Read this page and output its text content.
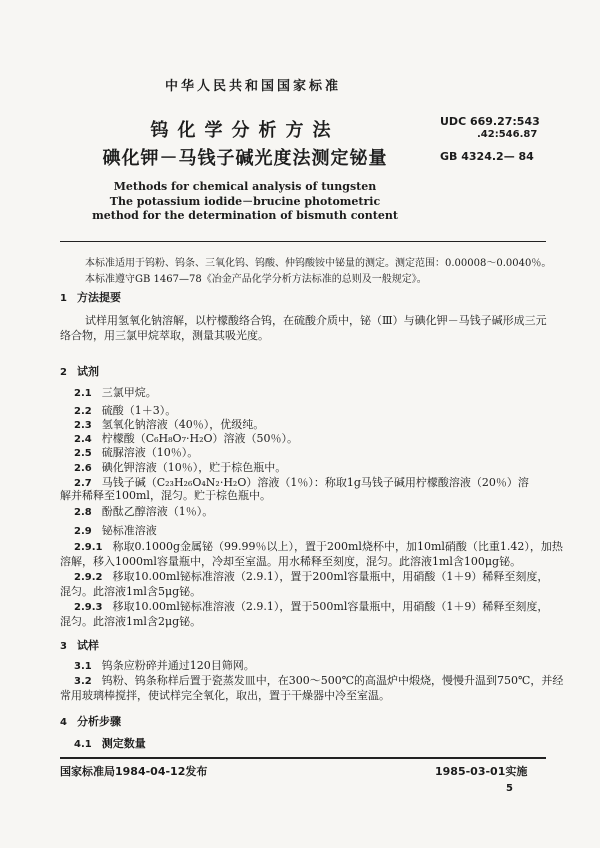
中华人民共和国国家标准
钨化学分析方法
碘化钾－马钱子碱光度法测定铋量
UDC 669.27:543
.42:546.87
GB 4324.2— 84
Methods for chemical analysis of tungsten
The potassium iodide－brucine photometric
method for the determination of bismuth content
本标准适用于钨粉、钨条、三氧化钨、钨酸、仲钨酸铵中铋量的测定。测定范围：0.00008～0.0040％。
本标准遵守GB 1467—78《冶金产品化学分析方法标准的总则及一般规定》。
1 方法提要
试样用氢氧化钠溶解，以柠檬酸络合钨，在硫酸介质中，铋（Ⅲ）与碘化钾－马钱子碱形成三元
络合物，用三氯甲烷萃取，测量其吸光度。
2 试剂
2.1 三氯甲烷。
2.2 硫酸（1＋3）。
2.3 氢氧化钠溶液（40％），优级纯。
2.4 柠檬酸（C₆H₈O₇·H₂O）溶液（50％）。
2.5 硫脲溶液（10％）。
2.6 碘化钾溶液（10％），贮于棕色瓶中。
2.7 马钱子碱（C₂₃H₂₆O₄N₂·H₂O）溶液（1％）：称取1g马钱子碱用柠檬酸溶液（20％）溶
解并稀释至100ml，混匀。贮于棕色瓶中。
2.8 酚酞乙醇溶液（1％）。
2.9 铋标准溶液
2.9.1 称取0.1000g金属铋（99.99％以上），置于200ml烧杯中，加10ml硝酸（比重1.42），加热
溶解，移入1000ml容量瓶中，冷却至室温。用水稀释至刻度，混匀。此溶液1ml含100μg铋。
2.9.2 移取10.00ml铋标准溶液（2.9.1），置于200ml容量瓶中，用硝酸（1＋9）稀释至刻度，
混匀。此溶液1ml含5μg铋。
2.9.3 移取10.00ml铋标准溶液（2.9.1），置于500ml容量瓶中，用硝酸（1＋9）稀释至刻度，
混匀。此溶液1ml含2μg铋。
3 试样
3.1 钨条应粉碎并通过120目筛网。
3.2 钨粉、钨条称样后置于瓷蒸发皿中，在300～500℃的高温炉中煅烧，慢慢升温到750℃，并经
常用玻璃棒搅拌，使试样完全氧化，取出，置于干燥器中冷至室温。
4 分析步骤
4.1 测定数量
国家标准局1984-04-12发布	1985-03-01实施
5
